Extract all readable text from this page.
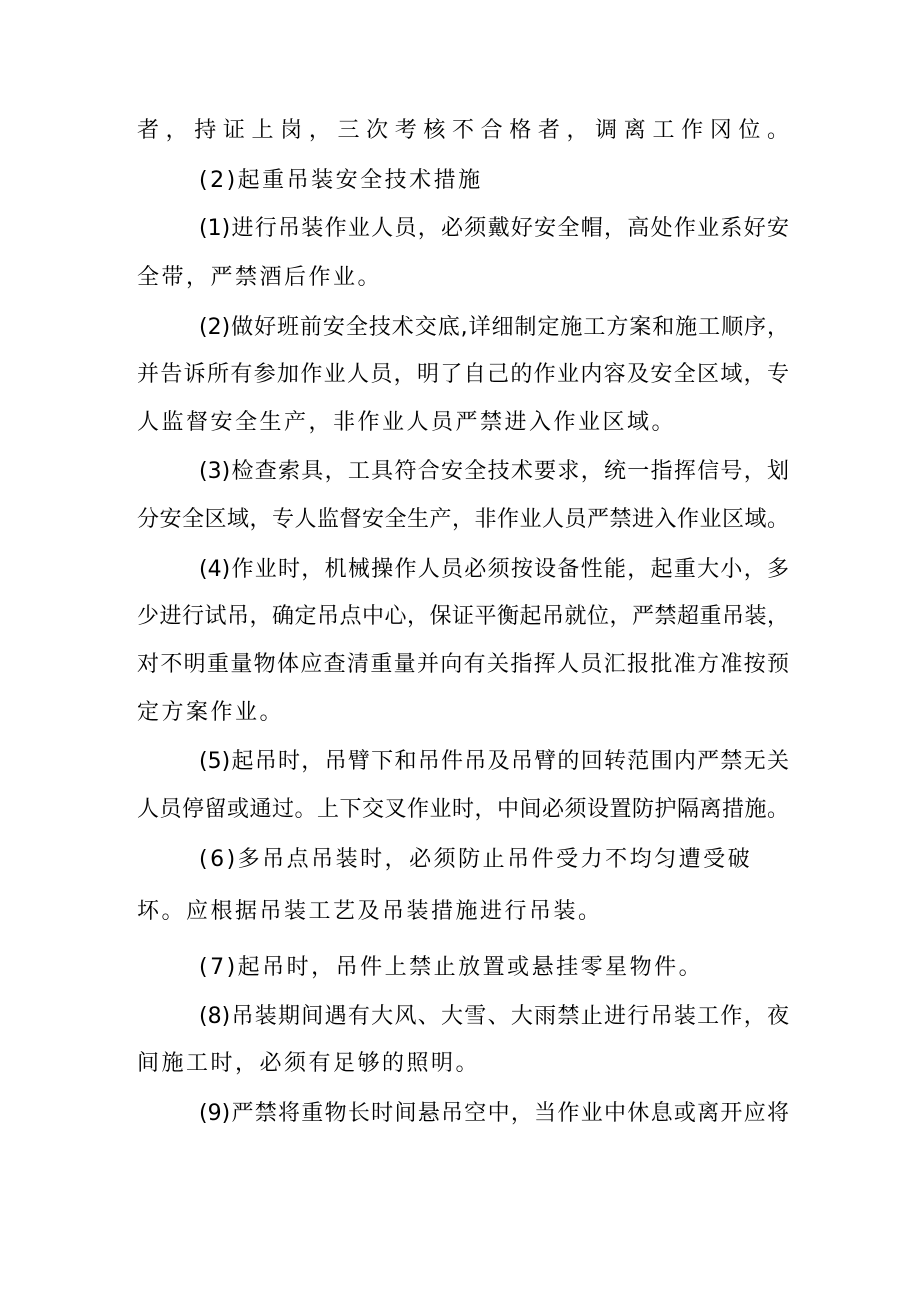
者，持证上岗，三次考核不合格者，调离工作冈位。
(2)起重吊装安全技术措施
(1)进行吊装作业人员，必须戴好安全帽，高处作业系好安
全带，严禁酒后作业。
(2)做好班前安全技术交底,详细制定施工方案和施工顺序，
并告诉所有参加作业人员，明了自己的作业内容及安全区域，专
人监督安全生产，非作业人员严禁进入作业区域。
(3)检查索具，工具符合安全技术要求，统一指挥信号，划
分安全区域，专人监督安全生产，非作业人员严禁进入作业区域。
(4)作业时，机械操作人员必须按设备性能，起重大小，多
少进行试吊，确定吊点中心，保证平衡起吊就位，严禁超重吊装，
对不明重量物体应查清重量并向有关指挥人员汇报批准方准按预
定方案作业。
(5)起吊时，吊臂下和吊件吊及吊臂的回转范围内严禁无关
人员停留或通过。上下交叉作业时，中间必须设置防护隔离措施。
(6)多吊点吊装时，必须防止吊件受力不均匀遭受破
坏。应根据吊装工艺及吊装措施进行吊装。
(7)起吊时，吊件上禁止放置或悬挂零星物件。
(8)吊装期间遇有大风、大雪、大雨禁止进行吊装工作，夜
间施工时，必须有足够的照明。
(9)严禁将重物长时间悬吊空中，当作业中休息或离开应将
